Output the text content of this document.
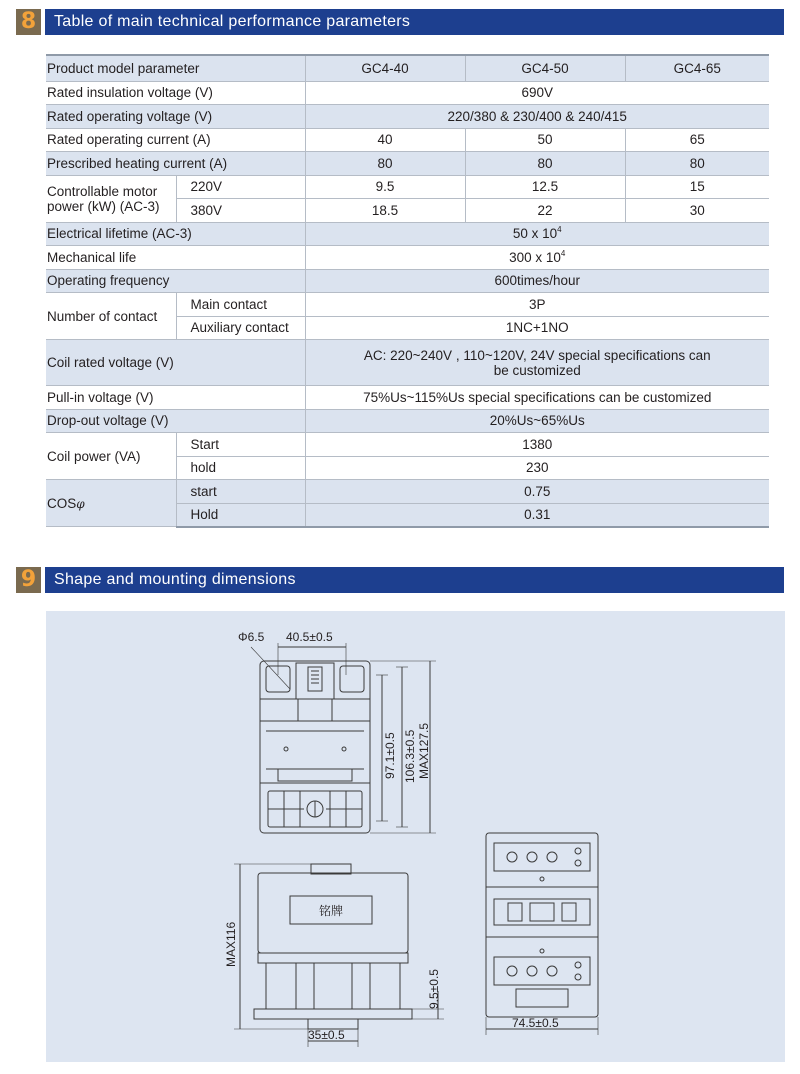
8	Table of main technical performance parameters
Product model parameter		GC4-40	GC4-50	GC4-65
Rated insulation voltage (V)		690V		
Rated operating voltage (V)		220/380 & 230/400 & 240/415		
Rated operating current (A)		40	50	65
Prescribed heating current (A)		80	80	80

Controllable motor
power (kW) (AC-3)	220V	9.5	12.5	15
	380V	18.5	22	30
Electrical lifetime (AC-3)		50 x $10^4$
Mechanical life		300 x $10^4$
Operating frequency		600times/hour		
Number of contact	Main contact	3P		
	Auxiliary contact	1NC+1NO		
Coil rated voltage (V)		AC: 220~240V , 110~120V, 24V special specifications can
be customized		

Pull-in voltage (V)		75%Us~115%Us special specifications can be customized		
Drop-out voltage (V)		20%Us~65%Us		
Coil power (VA)	Start	1380		
	hold	230		
COSφ	start	0.75		
	Hold	0.31		
9	Shape and mounting dimensions
Φ6.5 40.5±0.5
97.1±0.5 106.3±0.5 MAX127.5
铭牌
MAX116
9.5±0.5
35±0.5
74.5±0.5
